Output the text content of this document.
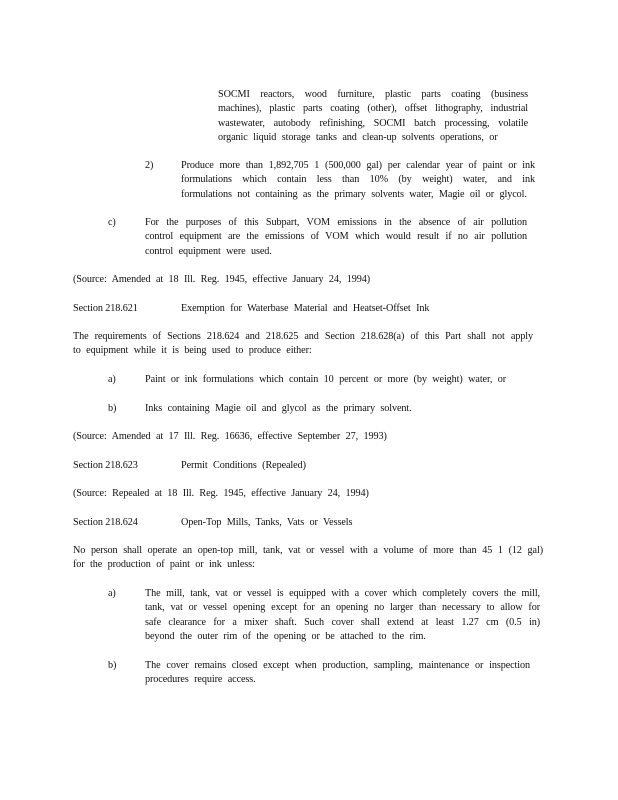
SOCMI reactors, wood furniture, plastic parts coating (business machines), plastic parts coating (other), offset lithography, industrial wastewater, autobody refinishing, SOCMI batch processing, volatile organic liquid storage tanks and clean-up solvents operations, or
2)	Produce more than 1,892,705 1 (500,000 gal) per calendar year of paint or ink formulations which contain less than 10% (by weight) water, and ink formulations not containing as the primary solvents water, Magie oil or glycol.
c)	For the purposes of this Subpart, VOM emissions in the absence of air pollution control equipment are the emissions of VOM which would result if no air pollution control equipment were used.
(Source: Amended at 18 Ill. Reg. 1945, effective January 24, 1994)
Section 218.621	Exemption for Waterbase Material and Heatset-Offset Ink
The requirements of Sections 218.624 and 218.625 and Section 218.628(a) of this Part shall not apply to equipment while it is being used to produce either:
a)	Paint or ink formulations which contain 10 percent or more (by weight) water, or
b)	Inks containing Magie oil and glycol as the primary solvent.
(Source: Amended at 17 Ill. Reg. 16636, effective September 27, 1993)
Section 218.623	Permit Conditions (Repealed)
(Source: Repealed at 18 Ill. Reg. 1945, effective January 24, 1994)
Section 218.624	Open-Top Mills, Tanks, Vats or Vessels
No person shall operate an open-top mill, tank, vat or vessel with a volume of more than 45 1 (12 gal) for the production of paint or ink unless:
a)	The mill, tank, vat or vessel is equipped with a cover which completely covers the mill, tank, vat or vessel opening except for an opening no larger than necessary to allow for safe clearance for a mixer shaft. Such cover shall extend at least 1.27 cm (0.5 in) beyond the outer rim of the opening or be attached to the rim.
b)	The cover remains closed except when production, sampling, maintenance or inspection procedures require access.
